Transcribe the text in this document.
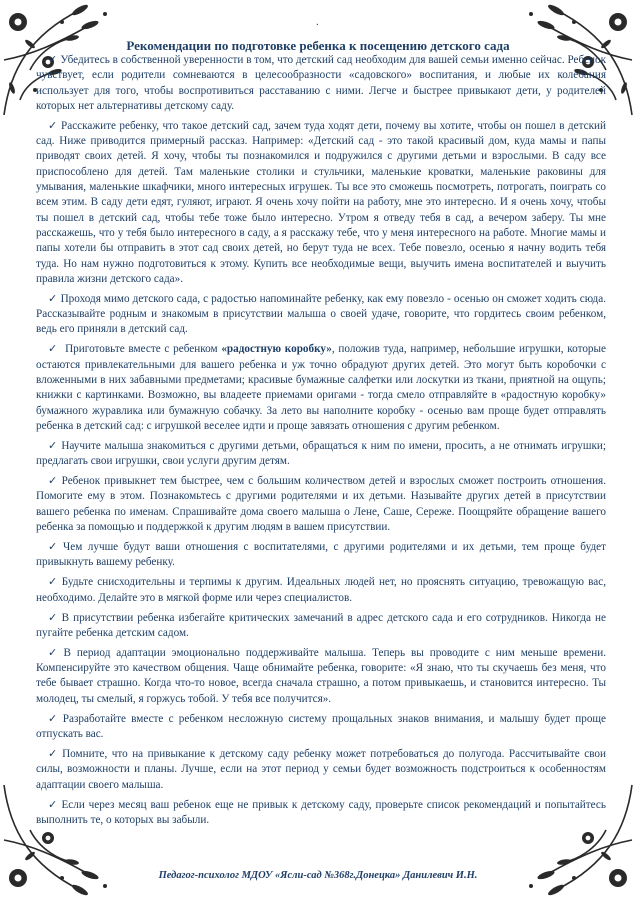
.
Рекомендации по подготовке ребенка к посещению детского сада

✓ Убедитесь в собственной уверенности в том, что детский сад необходим для вашей семьи именно сейчас. Ребенок чувствует, если родители сомневаются в целесообразности «садовского» воспитания, и любые их колебания использует для того, чтобы воспротивиться расставанию с ними. Легче и быстрее привыкают дети, у родителей которых нет альтернативы детскому саду.

✓ Расскажите ребенку, что такое детский сад, зачем туда ходят дети, почему вы хотите, чтобы он пошел в детский сад. Ниже приводится примерный рассказ. Например: «Детский сад - это такой красивый дом, куда мамы и папы приводят своих детей. Я хочу, чтобы ты познакомился и подружился с другими детьми и взрослыми. В саду все приспособлено для детей. Там маленькие столики и стульчики, маленькие кроватки, маленькие раковины для умывания, маленькие шкафчики, много интересных игрушек. Ты все это сможешь посмотреть, потрогать, поиграть со всем этим. В саду дети едят, гуляют, играют. Я очень хочу пойти на работу, мне это интересно. И я очень хочу, чтобы ты пошел в детский сад, чтобы тебе тоже было интересно. Утром я отведу тебя в сад, а вечером заберу. Ты мне расскажешь, что у тебя было интересного в саду, а я расскажу тебе, что у меня интересного на работе. Многие мамы и папы хотели бы отправить в этот сад своих детей, но берут туда не всех. Тебе повезло, осенью я начну водить тебя туда. Но нам нужно подготовиться к этому. Купить все необходимые вещи, выучить имена воспитателей и выучить правила жизни детского сада».

✓ Проходя мимо детского сада, с радостью напоминайте ребенку, как ему повезло - осенью он сможет ходить сюда. Рассказывайте родным и знакомым в присутствии малыша о своей удаче, говорите, что гордитесь своим ребенком, ведь его приняли в детский сад.

✓ Приготовьте вместе с ребенком «радостную коробку», положив туда, например, небольшие игрушки, которые остаются привлекательными для вашего ребенка и уж точно обрадуют других детей. Это могут быть коробочки с вложенными в них забавными предметами; красивые бумажные салфетки или лоскутки из ткани, приятной на ощупь; книжки с картинками. Возможно, вы владеете приемами оригами - тогда смело отправляйте в «радостную коробку» бумажного журавлика или бумажную собачку. За лето вы наполните коробку - осенью вам проще будет отправлять ребенка в детский сад: с игрушкой веселее идти и проще завязать отношения с другим ребенком.

✓ Научите малыша знакомиться с другими детьми, обращаться к ним по имени, просить, а не отнимать игрушки; предлагать свои игрушки, свои услуги другим детям.

✓ Ребенок привыкнет тем быстрее, чем с большим количеством детей и взрослых сможет построить отношения. Помогите ему в этом. Познакомьтесь с другими родителями и их детьми. Называйте других детей в присутствии вашего ребенка по именам. Спрашивайте дома своего малыша о Лене, Саше, Сереже. Поощряйте обращение вашего ребенка за помощью и поддержкой к другим людям в вашем присутствии.

✓ Чем лучше будут ваши отношения с воспитателями, с другими родителями и их детьми, тем проще будет привыкнуть вашему ребенку.

✓ Будьте снисходительны и терпимы к другим. Идеальных людей нет, но прояснять ситуацию, тревожащую вас, необходимо. Делайте это в мягкой форме или через специалистов.

✓ В присутствии ребенка избегайте критических замечаний в адрес детского сада и его сотрудников. Никогда не пугайте ребенка детским садом.

✓ В период адаптации эмоционально поддерживайте малыша. Теперь вы проводите с ним меньше времени. Компенсируйте это качеством общения. Чаще обнимайте ребенка, говорите: «Я знаю, что ты скучаешь без меня, что тебе бывает страшно. Когда что-то новое, всегда сначала страшно, а потом привыкаешь, и становится интересно. Ты молодец, ты смелый, я горжусь тобой. У тебя все получится».

✓ Разработайте вместе с ребенком несложную систему прощальных знаков внимания, и малышу будет проще отпускать вас.

✓ Помните, что на привыкание к детскому саду ребенку может потребоваться до полугода. Рассчитывайте свои силы, возможности и планы. Лучше, если на этот период у семьи будет возможность подстроиться к особенностям адаптации своего малыша.

✓ Если через месяц ваш ребенок еще не привык к детскому саду, проверьте список рекомендаций и попытайтесь выполнить те, о которых вы забыли.

Педагог-психолог МДОУ «Ясли-сад №368г.Донецка» Данилевич И.Н.
